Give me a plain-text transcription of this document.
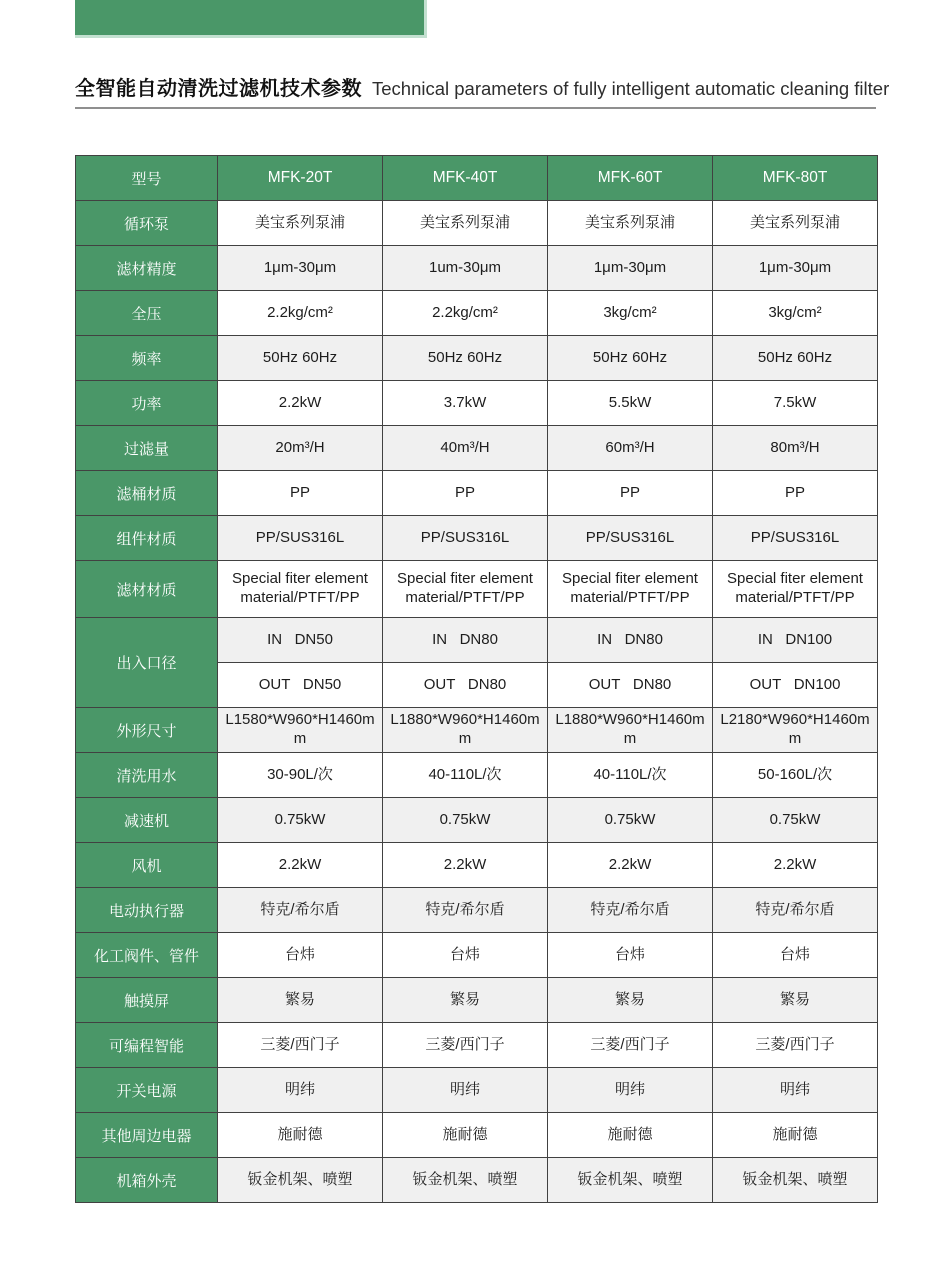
全智能自动清洗过滤机技术参数 Technical parameters of fully intelligent automatic cleaning filter
型号	MFK-20T	MFK-40T	MFK-60T	MFK-80T
循环泵	美宝系列泵浦	美宝系列泵浦	美宝系列泵浦	美宝系列泵浦
滤材精度	1μm-30μm	1um-30μm	1μm-30μm	1μm-30μm
全压	2.2kg/cm²	2.2kg/cm²	3kg/cm²	3kg/cm²
频率	50Hz 60Hz	50Hz 60Hz	50Hz 60Hz	50Hz 60Hz
功率	2.2kW	3.7kW	5.5kW	7.5kW
过滤量	20m³/H	40m³/H	60m³/H	80m³/H
滤桶材质	PP	PP	PP	PP
组件材质	PP/SUS316L	PP/SUS316L	PP/SUS316L	PP/SUS316L
滤材材质	Special fiter element material/PTFT/PP	Special fiter element material/PTFT/PP	Special fiter element material/PTFT/PP	Special fiter element material/PTFT/PP
出入口径	IN   DN50	IN   DN80	IN   DN80	IN   DN100
	OUT   DN50	OUT   DN80	OUT   DN80	OUT   DN100
外形尺寸	L1580*W960*H1460mm	L1880*W960*H1460mm	L1880*W960*H1460mm	L2180*W960*H1460mm
清洗用水	30-90L/次	40-110L/次	40-110L/次	50-160L/次
减速机	0.75kW	0.75kW	0.75kW	0.75kW
风机	2.2kW	2.2kW	2.2kW	2.2kW
电动执行器	特克/希尔盾	特克/希尔盾	特克/希尔盾	特克/希尔盾
化工阀件、管件	台炜	台炜	台炜	台炜
触摸屏	繁易	繁易	繁易	繁易
可编程智能	三菱/西门子	三菱/西门子	三菱/西门子	三菱/西门子
开关电源	明纬	明纬	明纬	明纬
其他周边电器	施耐德	施耐德	施耐德	施耐德
机箱外壳	钣金机架、喷塑	钣金机架、喷塑	钣金机架、喷塑	钣金机架、喷塑
